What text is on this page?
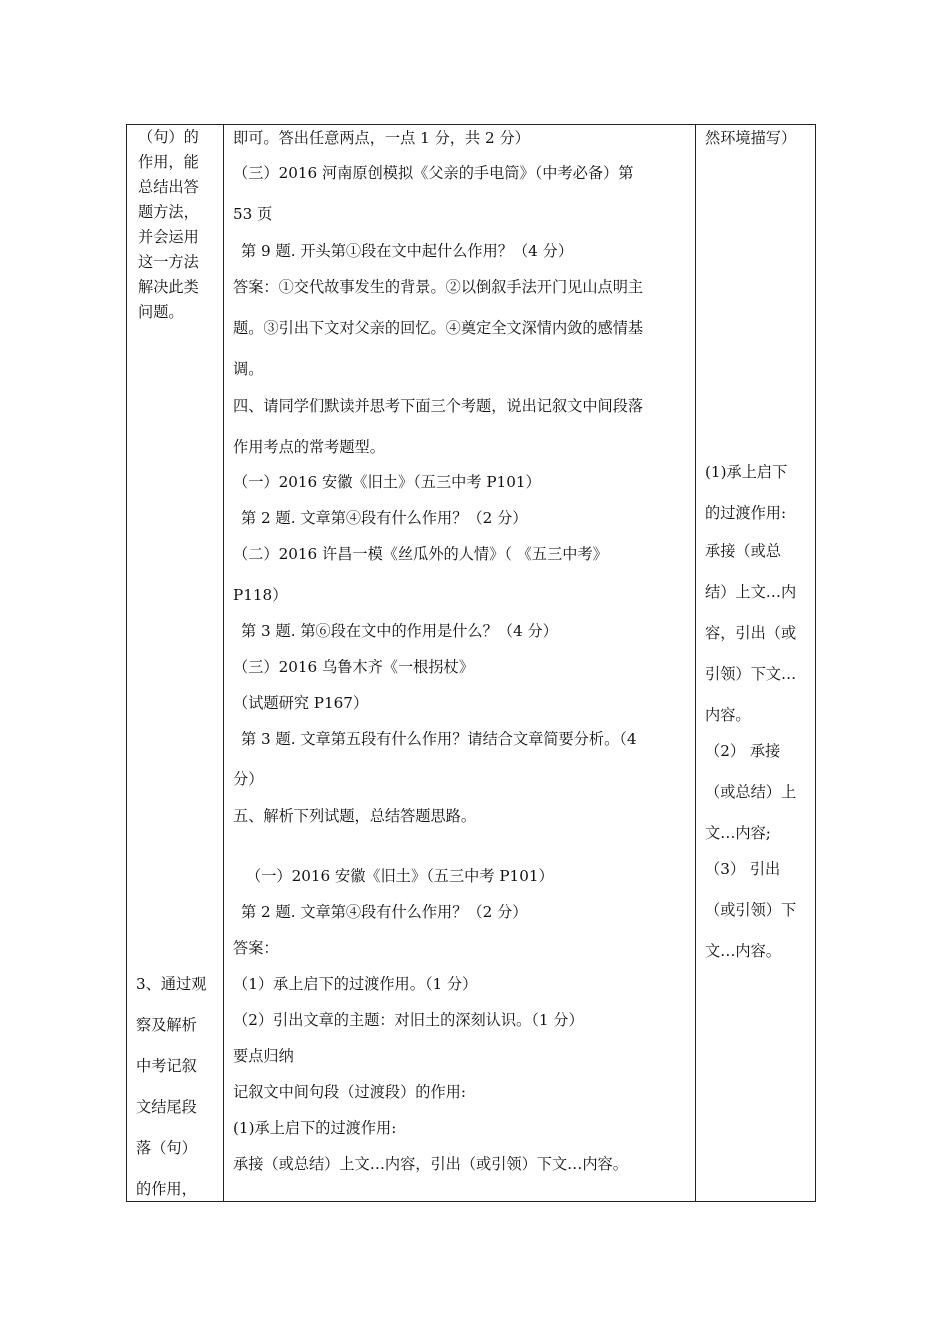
（句）的
作用，能
总结出答
题方法，
并会运用
这一方法
解决此类
问题。
3、通过观
察及解析
中考记叙
文结尾段
落（句）
的作用，
即可。答出任意两点，一点 1 分，共 2 分）
（三）2016 河南原创模拟《父亲的手电筒》（中考必备）第
53 页
第 9 题. 开头第①段在文中起什么作用？（4 分）
答案：①交代故事发生的背景。②以倒叙手法开门见山点明主
题。③引出下文对父亲的回忆。④奠定全文深情内敛的感情基
调。
四、请同学们默读并思考下面三个考题，说出记叙文中间段落
作用考点的常考题型。
（一）2016 安徽《旧土》（五三中考 P101）
第 2 题. 文章第④段有什么作用？（2 分）
（二）2016 许昌一模《丝瓜外的人情》（ 《五三中考》
P118）
第 3 题. 第⑥段在文中的作用是什么？（4 分）
（三）2016 乌鲁木齐《一根拐杖》
（试题研究 P167）
第 3 题. 文章第五段有什么作用？请结合文章简要分析。（4
分）
五、解析下列试题，总结答题思路。
（一）2016 安徽《旧土》（五三中考 P101）
第 2 题. 文章第④段有什么作用？（2 分）
答案：
（1）承上启下的过渡作用。（1 分）
（2）引出文章的主题：对旧土的深刻认识。（1 分）
要点归纳
记叙文中间句段（过渡段）的作用:
(1)承上启下的过渡作用:
承接（或总结）上文…内容，引出（或引领）下文…内容。
然环境描写）
(1)承上启下
的过渡作用:
承接（或总
结）上文…内
容，引出（或
引领）下文…
内容。
（2） 承接
（或总结）上
文…内容;
（3） 引出
（或引领）下
文…内容。
